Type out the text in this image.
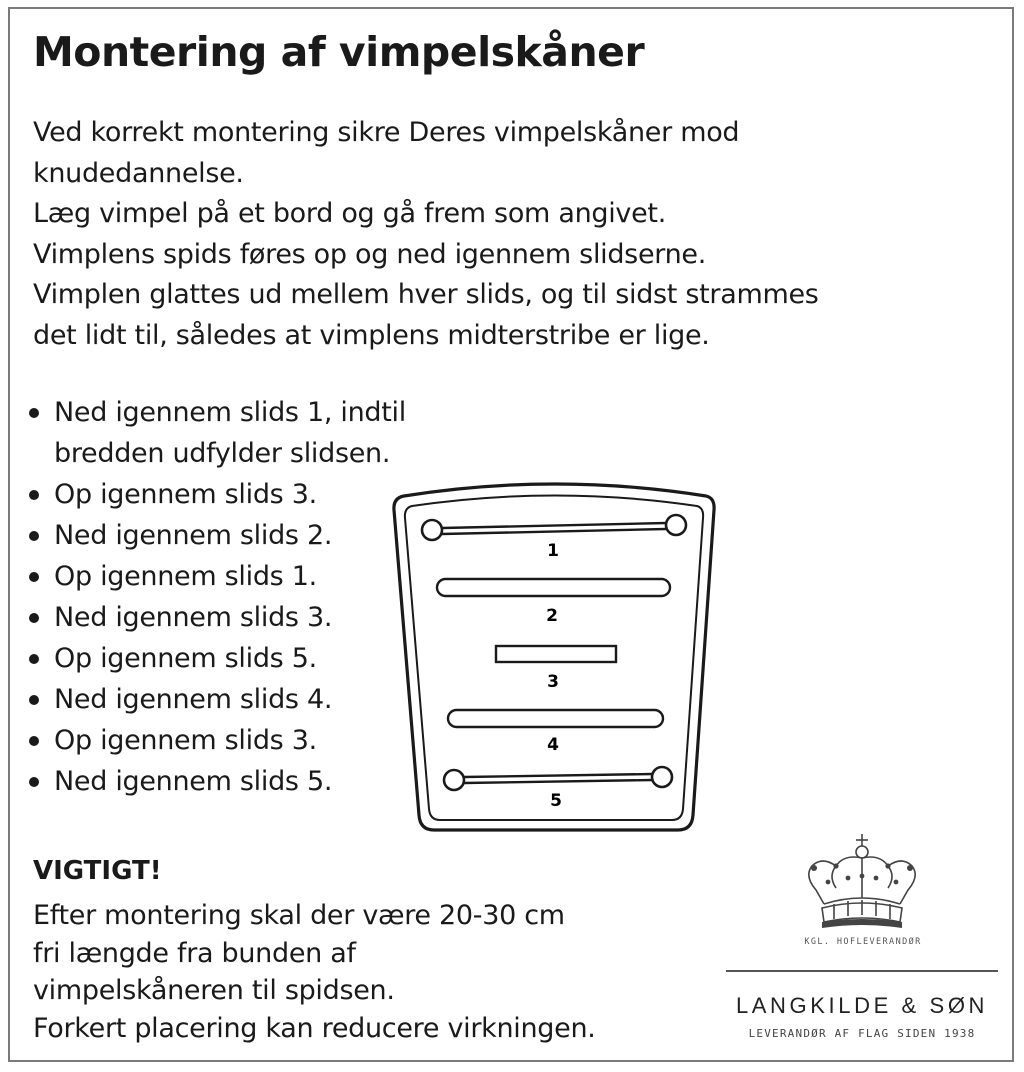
Montering af vimpelskåner
Ved korrekt montering sikre Deres vimpelskåner mod
knudedannelse.
Læg vimpel på et bord og gå frem som angivet.
Vimplens spids føres op og ned igennem slidserne.
Vimplen glattes ud mellem hver slids, og til sidst strammes
det lidt til, således at vimplens midterstribe er lige.
Ned igennem slids 1, indtil
bredden udfylder slidsen.
Op igennem slids 3.
Ned igennem slids 2.
Op igennem slids 1.
Ned igennem slids 3.
Op igennem slids 5.
Ned igennem slids 4.
Op igennem slids 3.
Ned igennem slids 5.
1
2
3
4
5
VIGTIGT!
Efter montering skal der være 20-30 cm
fri længde fra bunden af
vimpelskåneren til spidsen.
Forkert placering kan reducere virkningen.
KGL. HOFLEVERANDØR
LANGKILDE & SØN
LEVERANDØR AF FLAG SIDEN 1938
